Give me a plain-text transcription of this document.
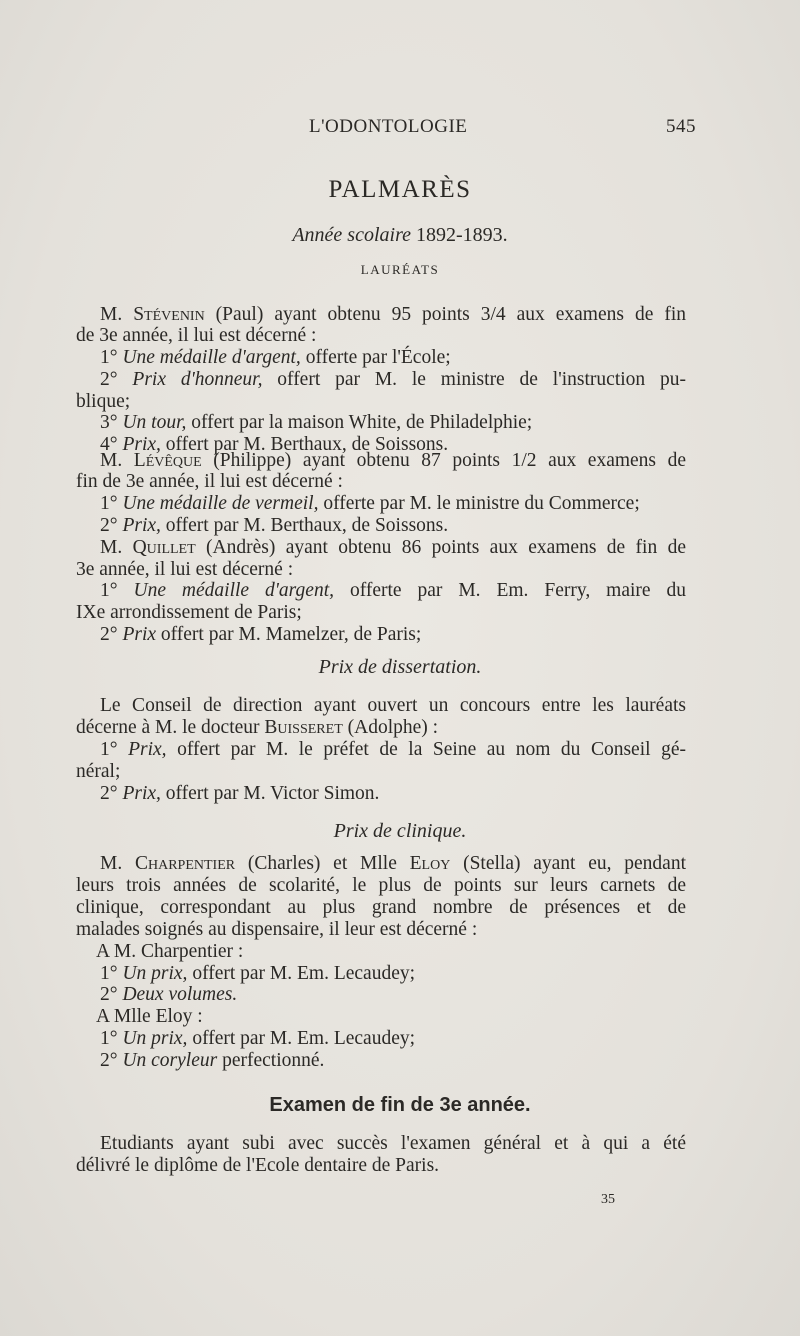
L'ODONTOLOGIE	545
PALMARÈS
Année scolaire 1892-1893.
LAURÉATS
M. Stévenin (Paul) ayant obtenu 95 points 3/4 aux examens de fin
de 3e année, il lui est décerné :
1° Une médaille d'argent, offerte par l'École;
2° Prix d'honneur, offert par M. le ministre de l'instruction pu-
blique;
3° Un tour, offert par la maison White, de Philadelphie;
4° Prix, offert par M. Berthaux, de Soissons.
M. Lévêque (Philippe) ayant obtenu 87 points 1/2 aux examens de
fin de 3e année, il lui est décerné :
1° Une médaille de vermeil, offerte par M. le ministre du Commerce;
2° Prix, offert par M. Berthaux, de Soissons.
M. Quillet (Andrès) ayant obtenu 86 points aux examens de fin de
3e année, il lui est décerné :
1° Une médaille d'argent, offerte par M. Em. Ferry, maire du
IXe arrondissement de Paris;
2° Prix offert par M. Mamelzer, de Paris;
Prix de dissertation.
Le Conseil de direction ayant ouvert un concours entre les lauréats
décerne à M. le docteur Buisseret (Adolphe) :
1° Prix, offert par M. le préfet de la Seine au nom du Conseil gé-
néral;
2° Prix, offert par M. Victor Simon.
Prix de clinique.
M. Charpentier (Charles) et Mlle Eloy (Stella) ayant eu, pendant
leurs trois années de scolarité, le plus de points sur leurs carnets de
clinique, correspondant au plus grand nombre de présences et de
malades soignés au dispensaire, il leur est décerné :
A M. Charpentier :
1° Un prix, offert par M. Em. Lecaudey;
2° Deux volumes.
A Mlle Eloy :
1° Un prix, offert par M. Em. Lecaudey;
2° Un coryleur perfectionné.
Examen de fin de 3e année.
Etudiants ayant subi avec succès l'examen général et à qui a été
délivré le diplôme de l'Ecole dentaire de Paris.
35
